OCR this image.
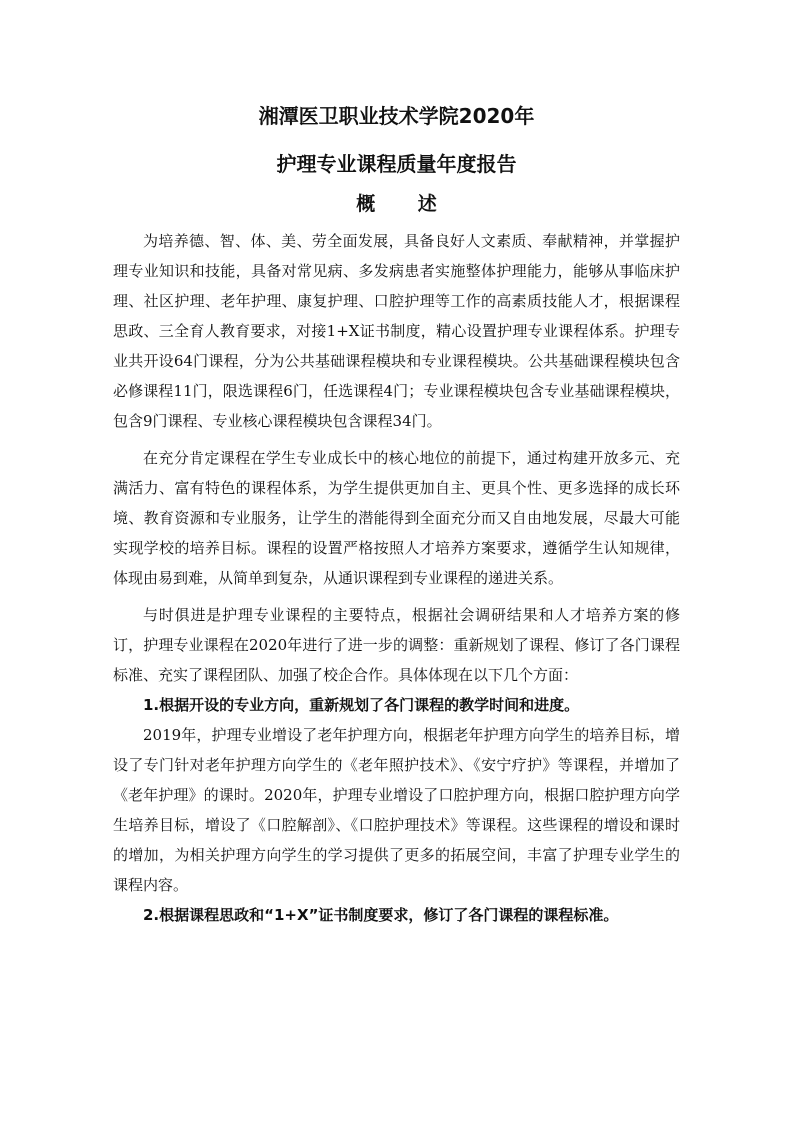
湘潭医卫职业技术学院2020年
护理专业课程质量年度报告
概 述

为培养德、智、体、美、劳全面发展，具备良好人文素质、奉献精神，并掌握护理专业知识和技能，具备对常见病、多发病患者实施整体护理能力，能够从事临床护理、社区护理、老年护理、康复护理、口腔护理等工作的高素质技能人才，根据课程思政、三全育人教育要求，对接1+X证书制度，精心设置护理专业课程体系。护理专业共开设64门课程，分为公共基础课程模块和专业课程模块。公共基础课程模块包含必修课程11门，限选课程6门，任选课程4门；专业课程模块包含专业基础课程模块，包含9门课程、专业核心课程模块包含课程34门。

在充分肯定课程在学生专业成长中的核心地位的前提下，通过构建开放多元、充满活力、富有特色的课程体系，为学生提供更加自主、更具个性、更多选择的成长环境、教育资源和专业服务，让学生的潜能得到全面充分而又自由地发展，尽最大可能实现学校的培养目标。课程的设置严格按照人才培养方案要求，遵循学生认知规律，体现由易到难，从简单到复杂，从通识课程到专业课程的递进关系。

与时俱进是护理专业课程的主要特点，根据社会调研结果和人才培养方案的修订，护理专业课程在2020年进行了进一步的调整：重新规划了课程、修订了各门课程标准、充实了课程团队、加强了校企合作。具体体现在以下几个方面：

1.根据开设的专业方向，重新规划了各门课程的教学时间和进度。

2019年，护理专业增设了老年护理方向，根据老年护理方向学生的培养目标，增设了专门针对老年护理方向学生的《老年照护技术》、《安宁疗护》等课程，并增加了《老年护理》的课时。2020年，护理专业增设了口腔护理方向，根据口腔护理方向学生培养目标，增设了《口腔解剖》、《口腔护理技术》等课程。这些课程的增设和课时的增加，为相关护理方向学生的学习提供了更多的拓展空间，丰富了护理专业学生的课程内容。

2.根据课程思政和“1+X”证书制度要求，修订了各门课程的课程标准。
